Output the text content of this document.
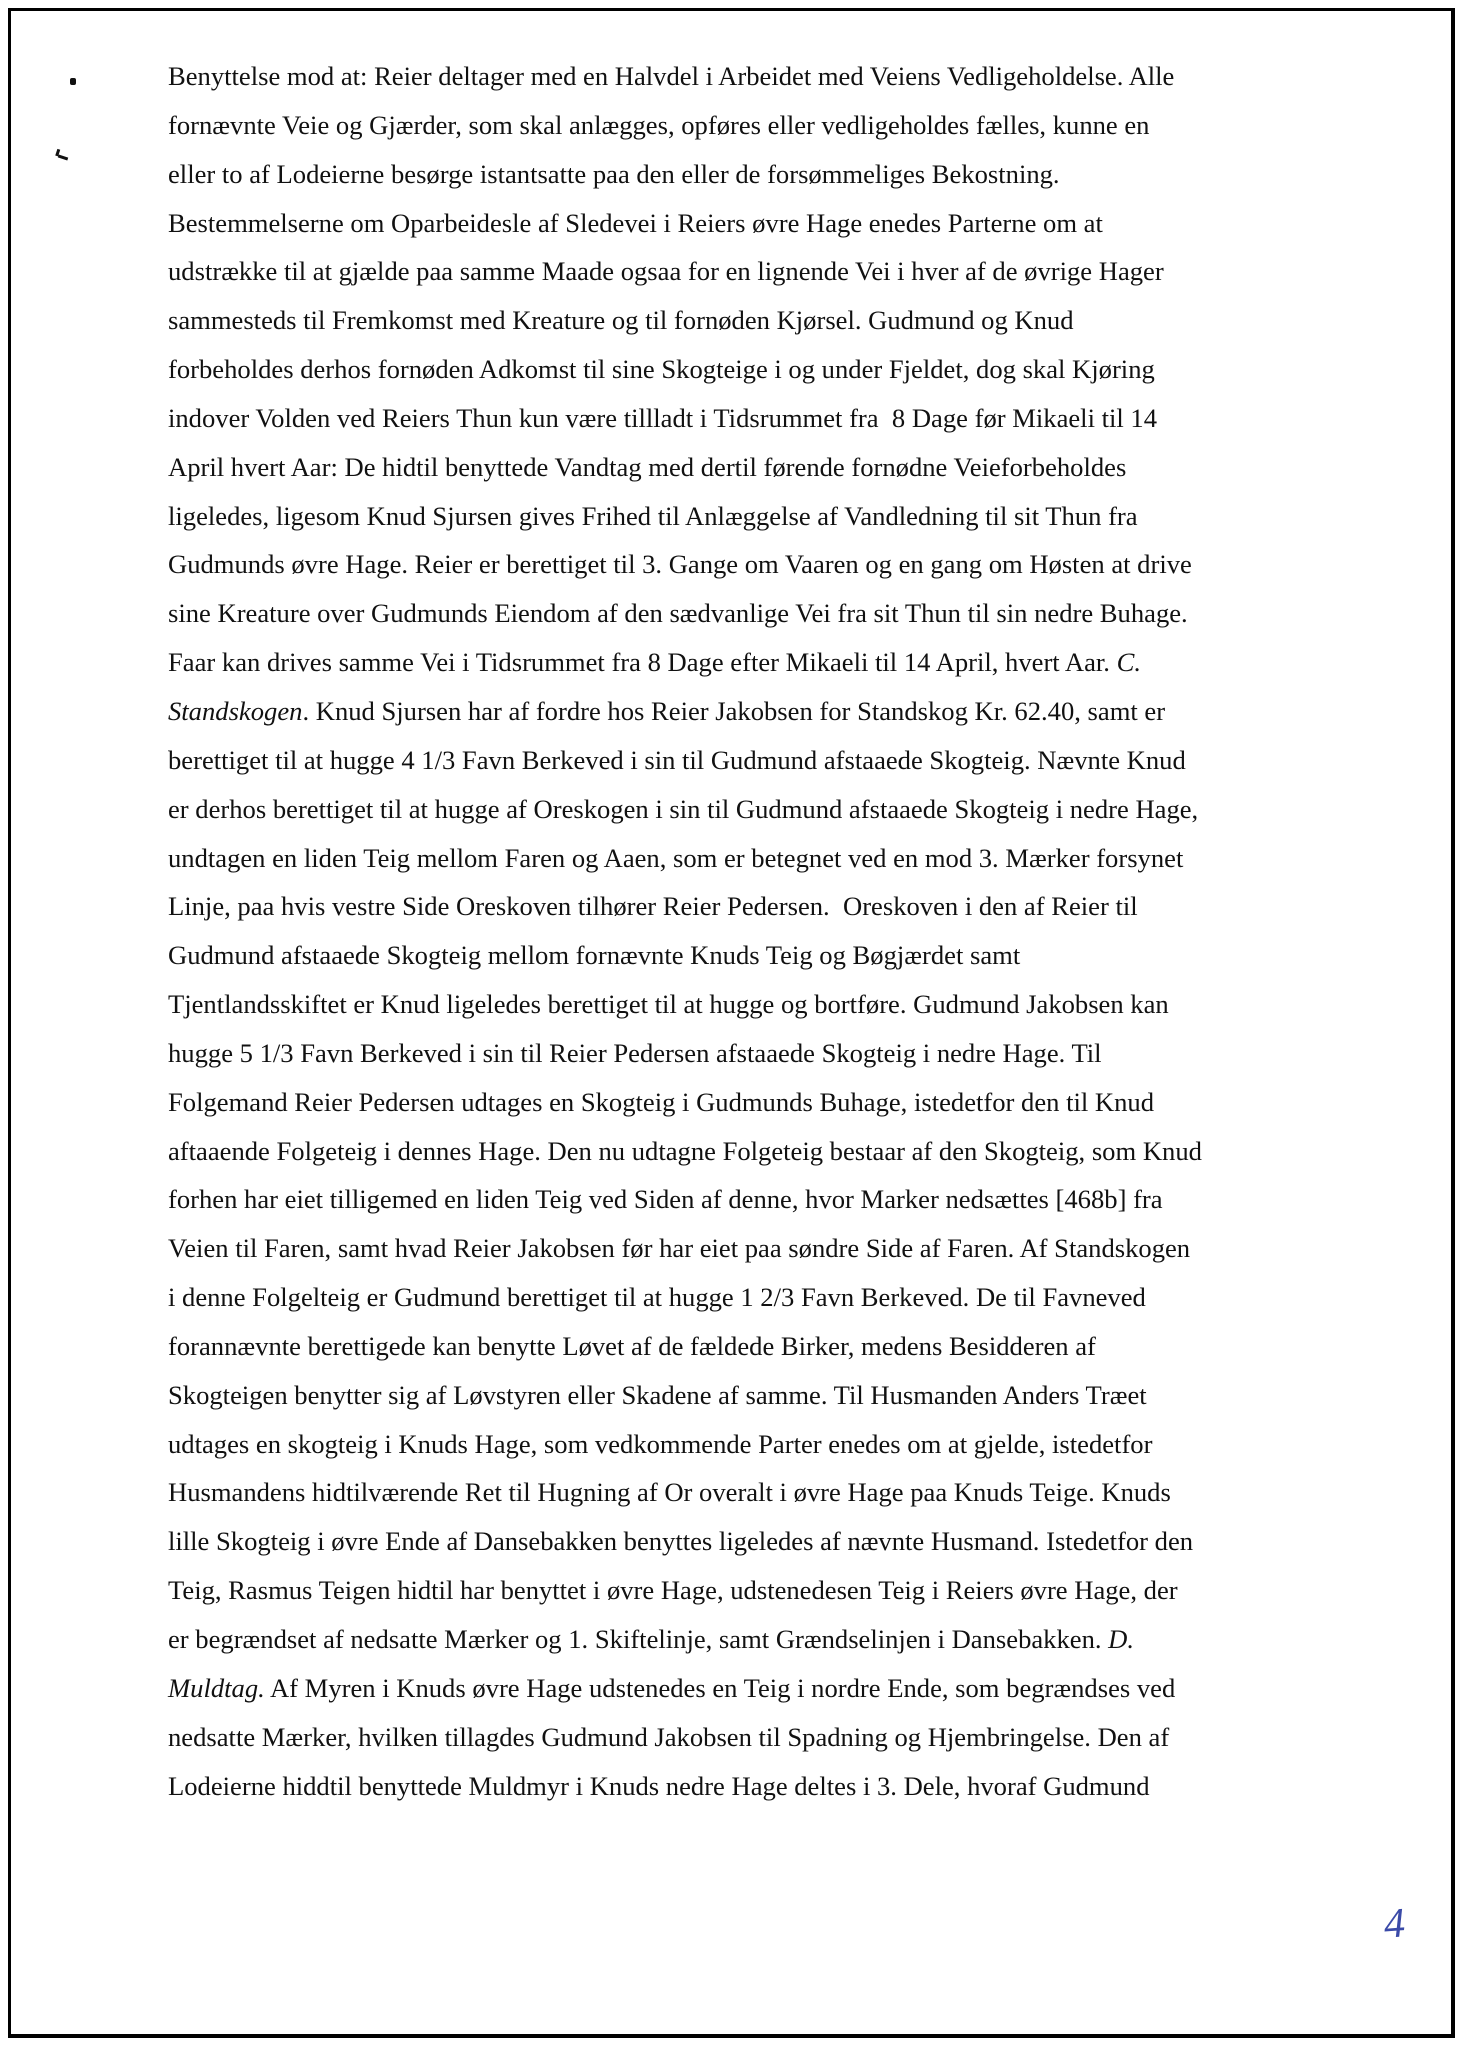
Benyttelse mod at: Reier deltager med en Halvdel i Arbeidet med Veiens Vedligeholdelse. Alle
fornævnte Veie og Gjærder, som skal anlægges, opføres eller vedligeholdes fælles, kunne en
eller to af Lodeierne besørge istantsatte paa den eller de forsømmeliges Bekostning.
Bestemmelserne om Oparbeidesle af Sledevei i Reiers øvre Hage enedes Parterne om at
udstrække til at gjælde paa samme Maade ogsaa for en lignende Vei i hver af de øvrige Hager
sammesteds til Fremkomst med Kreature og til fornøden Kjørsel. Gudmund og Knud
forbeholdes derhos fornøden Adkomst til sine Skogteige i og under Fjeldet, dog skal Kjøring
indover Volden ved Reiers Thun kun være tillladt i Tidsrummet fra  8 Dage før Mikaeli til 14
April hvert Aar: De hidtil benyttede Vandtag med dertil førende fornødne Veieforbeholdes
ligeledes, ligesom Knud Sjursen gives Frihed til Anlæggelse af Vandledning til sit Thun fra
Gudmunds øvre Hage. Reier er berettiget til 3. Gange om Vaaren og en gang om Høsten at drive
sine Kreature over Gudmunds Eiendom af den sædvanlige Vei fra sit Thun til sin nedre Buhage.
Faar kan drives samme Vei i Tidsrummet fra 8 Dage efter Mikaeli til 14 April, hvert Aar. C.
Standskogen. Knud Sjursen har af fordre hos Reier Jakobsen for Standskog Kr. 62.40, samt er
berettiget til at hugge 4 1/3 Favn Berkeved i sin til Gudmund afstaaede Skogteig. Nævnte Knud
er derhos berettiget til at hugge af Oreskogen i sin til Gudmund afstaaede Skogteig i nedre Hage,
undtagen en liden Teig mellom Faren og Aaen, som er betegnet ved en mod 3. Mærker forsynet
Linje, paa hvis vestre Side Oreskoven tilhører Reier Pedersen.  Oreskoven i den af Reier til
Gudmund afstaaede Skogteig mellom fornævnte Knuds Teig og Bøgjærdet samt
Tjentlandsskiftet er Knud ligeledes berettiget til at hugge og bortføre. Gudmund Jakobsen kan
hugge 5 1/3 Favn Berkeved i sin til Reier Pedersen afstaaede Skogteig i nedre Hage. Til
Folgemand Reier Pedersen udtages en Skogteig i Gudmunds Buhage, istedetfor den til Knud
aftaaende Folgeteig i dennes Hage. Den nu udtagne Folgeteig bestaar af den Skogteig, som Knud
forhen har eiet tilligemed en liden Teig ved Siden af denne, hvor Marker nedsættes [468b] fra
Veien til Faren, samt hvad Reier Jakobsen før har eiet paa søndre Side af Faren. Af Standskogen
i denne Folgelteig er Gudmund berettiget til at hugge 1 2/3 Favn Berkeved. De til Favneved
forannævnte berettigede kan benytte Løvet af de fældede Birker, medens Besidderen af
Skogteigen benytter sig af Løvstyren eller Skadene af samme. Til Husmanden Anders Træet
udtages en skogteig i Knuds Hage, som vedkommende Parter enedes om at gjelde, istedetfor
Husmandens hidtilværende Ret til Hugning af Or overalt i øvre Hage paa Knuds Teige. Knuds
lille Skogteig i øvre Ende af Dansebakken benyttes ligeledes af nævnte Husmand. Istedetfor den
Teig, Rasmus Teigen hidtil har benyttet i øvre Hage, udstenedesen Teig i Reiers øvre Hage, der
er begrændset af nedsatte Mærker og 1. Skiftelinje, samt Grændselinjen i Dansebakken. D.
Muldtag. Af Myren i Knuds øvre Hage udstenedes en Teig i nordre Ende, som begrændses ved
nedsatte Mærker, hvilken tillagdes Gudmund Jakobsen til Spadning og Hjembringelse. Den af
Lodeierne hiddtil benyttede Muldmyr i Knuds nedre Hage deltes i 3. Dele, hvoraf Gudmund
4
